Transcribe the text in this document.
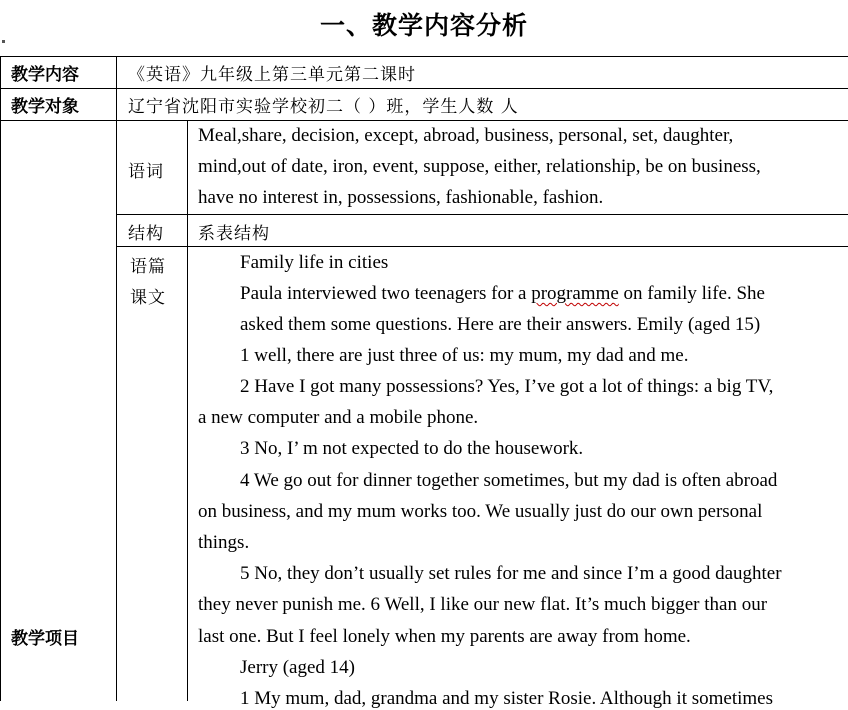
一、教学内容分析
教学内容	《英语》九年级上第三单元第二课时
教学对象	辽宁省沈阳市实验学校初二（ ）班，学生人数 人
教学项目
语词
Meal,share, decision, except, abroad, business, personal, set, daughter,
mind,out of date, iron, event, suppose, either, relationship, be on business,
have no interest in, possessions, fashionable, fashion.
结构 系表结构
语篇
课文
Family life in cities
Paula interviewed two teenagers for a programme on family life. She
asked them some questions. Here are their answers. Emily (aged 15)
1 well, there are just three of us: my mum, my dad and me.
2 Have I got many possessions? Yes, I’ve got a lot of things: a big TV,
a new computer and a mobile phone.
3 No, I’ m not expected to do the housework.
4 We go out for dinner together sometimes, but my dad is often abroad
on business, and my mum works too. We usually just do our own personal
things.
5 No, they don’t usually set rules for me and since I’m a good daughter
they never punish me. 6 Well, I like our new flat. It’s much bigger than our
last one. But I feel lonely when my parents are away from home.
Jerry (aged 14)
1 My mum, dad, grandma and my sister Rosie. Although it sometimes
